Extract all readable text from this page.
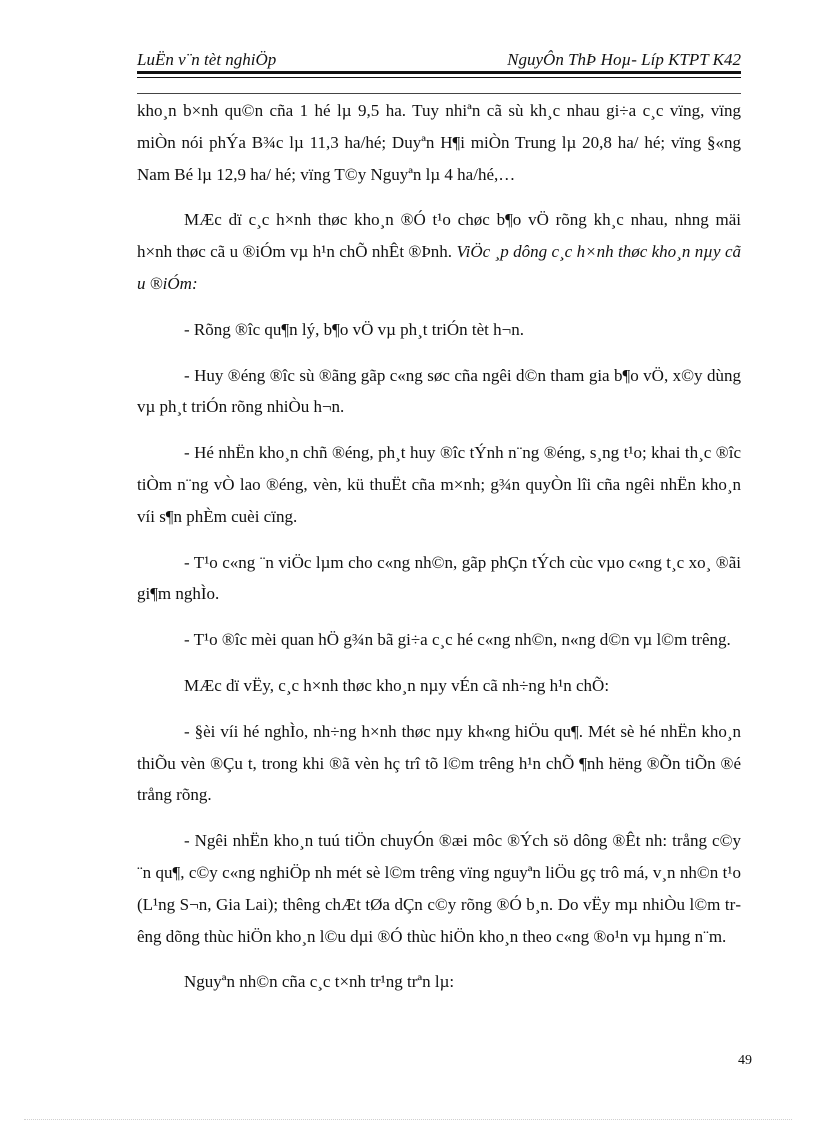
LuËn v¨n tèt nghiÖp	NguyÔn ThÞ Hoµ- Líp KTPT K42

kho¸n b×nh qu©n cña 1 hé lµ 9,5 ha. Tuy nhiªn cã sù kh¸c nhau gi÷a c¸c vïng, vïng miÒn nói phÝa B¾c lµ 11,3 ha/hé; Duyªn H¶i miÒn Trung lµ 20,8 ha/ hé; vïng §«ng Nam Bé lµ 12,9 ha/ hé; vïng T©y Nguyªn lµ 4 ha/hé,…

MÆc dï c¸c h×nh thøc kho¸n ®Ó t¹o chøc b¶o vÖ rõng kh¸c nhau, nhng mäi h×nh thøc cã u ®iÓm vµ h¹n chÕ nhÊt ®Þnh. ViÖc ¸p dông c¸c h×nh thøc kho¸n nµy cã u ®iÓm:

- Rõng ®îc qu¶n lý, b¶o vÖ vµ ph¸t triÓn tèt h¬n.

- Huy ®éng ®îc sù ®ãng gãp c«ng søc cña ngêi d©n tham gia b¶o vÖ, x©y dùng vµ ph¸t triÓn rõng nhiÒu h¬n.

- Hé nhËn kho¸n chñ ®éng, ph¸t huy ®îc tÝnh n¨ng ®éng, s¸ng t¹o; khai th¸c ®îc tiÒm n¨ng vÒ lao ®éng, vèn, kü thuËt cña m×nh; g¾n quyÒn lîi cña ngêi nhËn kho¸n víi s¶n phÈm cuèi cïng.

- T¹o c«ng ¨n viÖc lµm cho c«ng nh©n, gãp phÇn tÝch cùc vµo c«ng t¸c xo¸ ®ãi gi¶m nghÌo.

- T¹o ®îc mèi quan hÖ g¾n bã gi÷a c¸c hé c«ng nh©n, n«ng d©n vµ l©m trêng.

MÆc dï vËy, c¸c h×nh thøc kho¸n nµy vÉn cã nh÷ng h¹n chÕ:

- §èi víi hé nghÌo, nh÷ng h×nh thøc nµy kh«ng hiÖu qu¶. Mét sè hé nhËn kho¸n thiÕu vèn ®Çu t, trong khi ®ã vèn hç trî tõ l©m trêng h¹n chÕ ¶nh hëng ®Õn tiÕn ®é trång rõng.

- Ngêi nhËn kho¸n tuú tiÖn chuyÓn ®æi môc ®Ých sö dông ®Êt nh: trång c©y ¨n qu¶, c©y c«ng nghiÖp nh mét sè l©m trêng vïng nguyªn liÖu gç trô má, v¸n nh©n t¹o (L¹ng S¬n, Gia Lai); thêng chÆt tØa dÇn c©y rõng ®Ó b¸n. Do vËy mµ nhiÒu l©m trêng dõng thùc hiÖn kho¸n l©u dµi ®Ó thùc hiÖn kho¸n theo c«ng ®o¹n vµ hµng n¨m.

Nguyªn nh©n cña c¸c t×nh tr¹ng trªn lµ:

49
